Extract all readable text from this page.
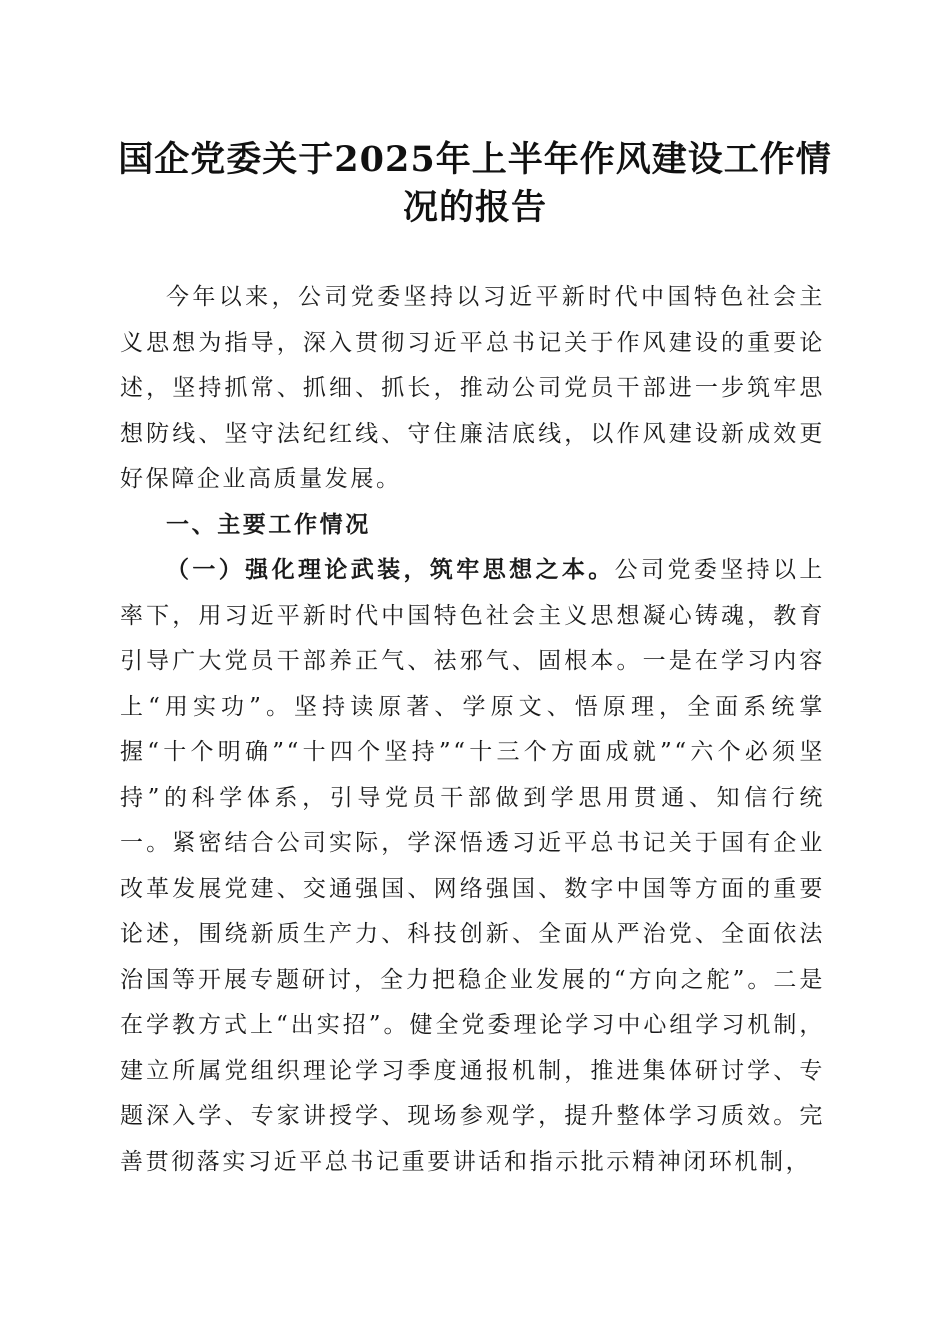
国企党委关于2025年上半年作风建设工作情况的报告

今年以来，公司党委坚持以习近平新时代中国特色社会主义思想为指导，深入贯彻习近平总书记关于作风建设的重要论述，坚持抓常、抓细、抓长，推动公司党员干部进一步筑牢思想防线、坚守法纪红线、守住廉洁底线，以作风建设新成效更好保障企业高质量发展。

一、主要工作情况

（一）强化理论武装，筑牢思想之本。公司党委坚持以上率下，用习近平新时代中国特色社会主义思想凝心铸魂，教育引导广大党员干部养正气、祛邪气、固根本。一是在学习内容上“用实功”。坚持读原著、学原文、悟原理，全面系统掌握“十个明确”“十四个坚持”“十三个方面成就”“六个必须坚持”的科学体系，引导党员干部做到学思用贯通、知信行统一。紧密结合公司实际，学深悟透习近平总书记关于国有企业改革发展党建、交通强国、网络强国、数字中国等方面的重要论述，围绕新质生产力、科技创新、全面从严治党、全面依法治国等开展专题研讨，全力把稳企业发展的“方向之舵”。二是在学教方式上“出实招”。健全党委理论学习中心组学习机制，建立所属党组织理论学习季度通报机制，推进集体研讨学、专题深入学、专家讲授学、现场参观学，提升整体学习质效。完善贯彻落实习近平总书记重要讲话和指示批示精神闭环机制，
